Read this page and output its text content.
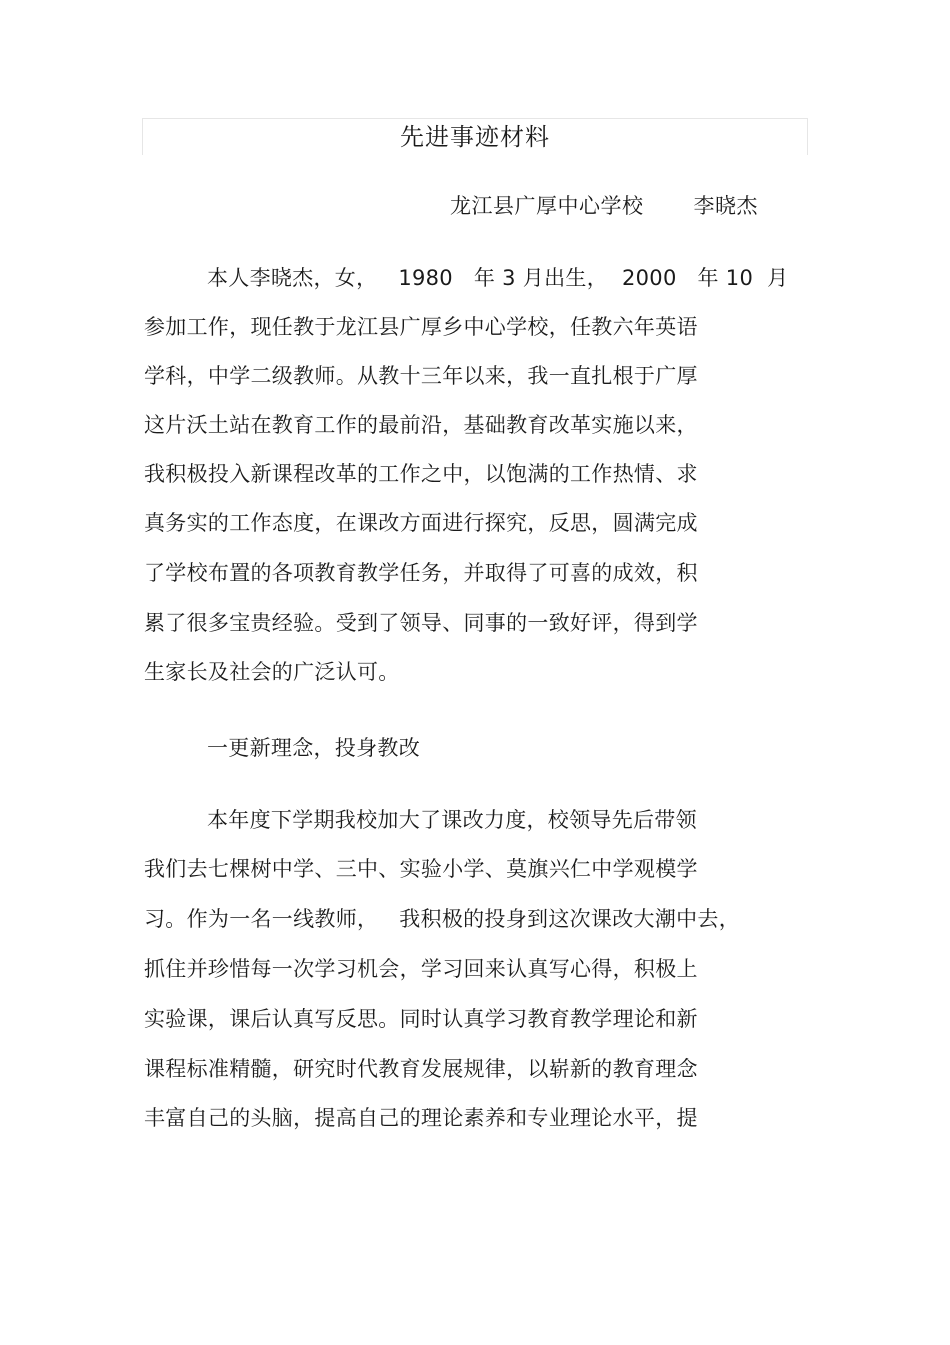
先进事迹材料
龙江县广厚中心学校 李晓杰
本人李晓杰，女，   1980   年 3 月出生，  2000   年 10  月
参加工作，现任教于龙江县广厚乡中心学校，任教六年英语
学科，中学二级教师。从教十三年以来，我一直扎根于广厚
这片沃土站在教育工作的最前沿，基础教育改革实施以来，
我积极投入新课程改革的工作之中，以饱满的工作热情、求
真务实的工作态度，在课改方面进行探究，反思，圆满完成
了学校布置的各项教育教学任务，并取得了可喜的成效，积
累了很多宝贵经验。受到了领导、同事的一致好评，得到学
生家长及社会的广泛认可。
一更新理念，投身教改
本年度下学期我校加大了课改力度，校领导先后带领
我们去七棵树中学、三中、实验小学、莫旗兴仁中学观模学
习。作为一名一线教师，   我积极的投身到这次课改大潮中去，
抓住并珍惜每一次学习机会，学习回来认真写心得，积极上
实验课，课后认真写反思。同时认真学习教育教学理论和新
课程标准精髓，研究时代教育发展规律，以崭新的教育理念
丰富自己的头脑，提高自己的理论素养和专业理论水平，提
